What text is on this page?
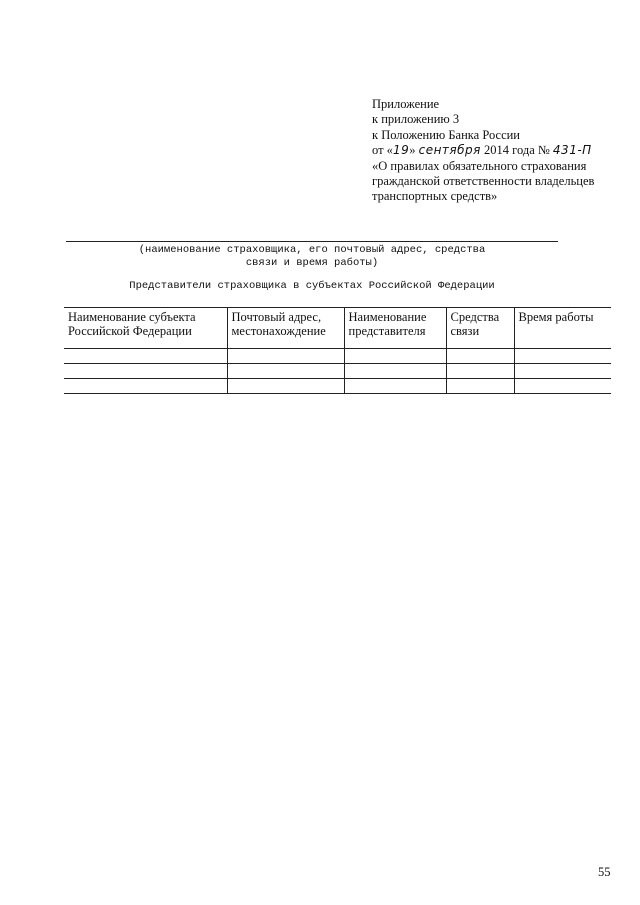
Приложение
к приложению 3
к Положению Банка России
от «19» сентября 2014 года № 431-П
«О правилах обязательного страхования
гражданской ответственности владельцев
транспортных средств»
(наименование страховщика, его почтовый адрес, средства
связи и время работы)
Представители страховщика в субъектах Российской Федерации
Наименование субъекта Российской Федерации	Почтовый адрес, местонахождение	Наименование представителя	Средства связи	Время работы

55
